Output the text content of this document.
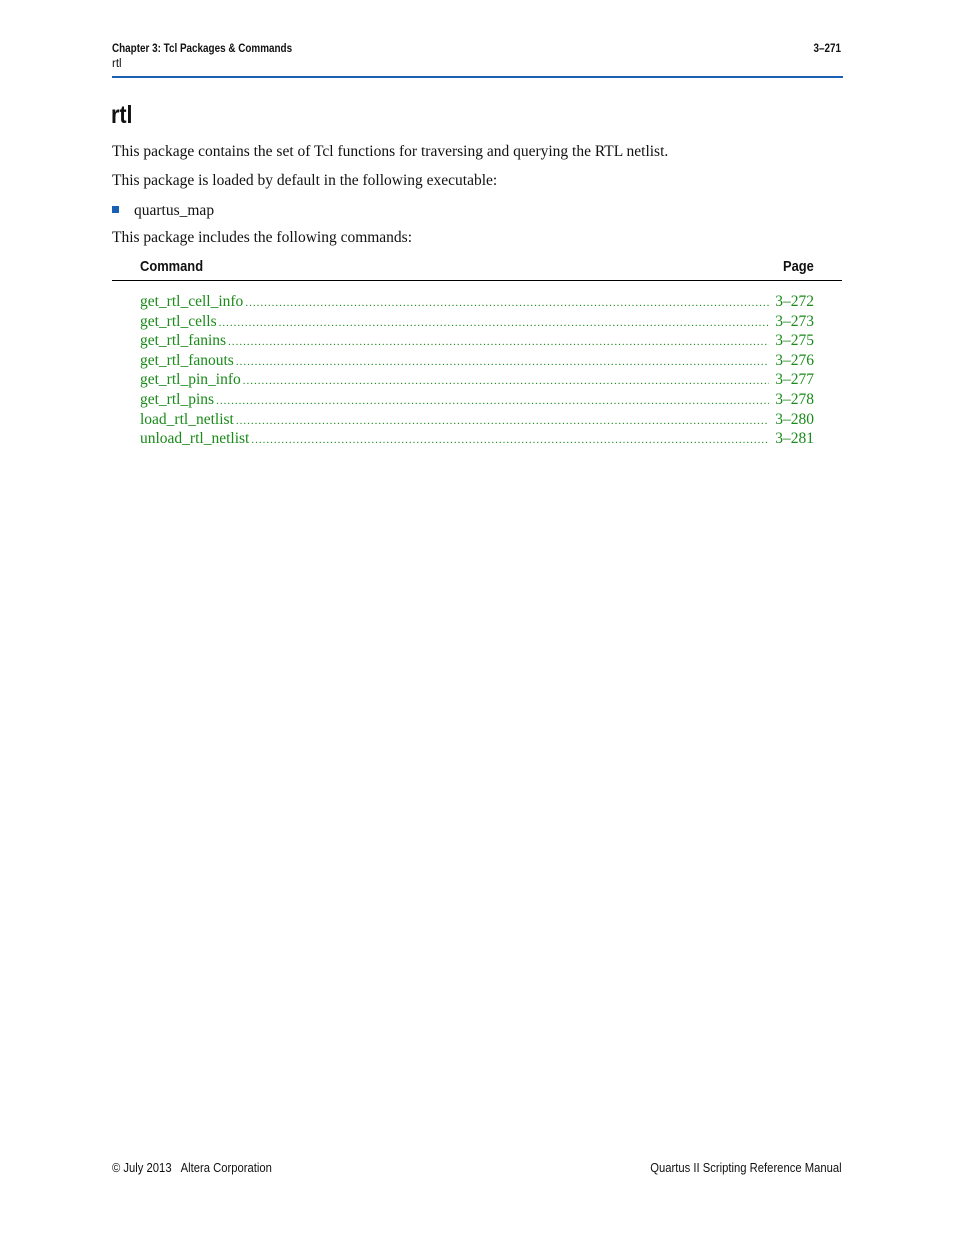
Chapter 3: Tcl Packages & Commands	3–271
rtl
rtl
This package contains the set of Tcl functions for traversing and querying the RTL netlist.
This package is loaded by default in the following executable:
quartus_map
This package includes the following commands:
Command	Page
get_rtl_cell_info .....	3–272
get_rtl_cells .....	3–273
get_rtl_fanins .....	3–275
get_rtl_fanouts .....	3–276
get_rtl_pin_info .....	3–277
get_rtl_pins .....	3–278
load_rtl_netlist .....	3–280
unload_rtl_netlist .....	3–281
© July 2013 Altera Corporation	Quartus II Scripting Reference Manual
